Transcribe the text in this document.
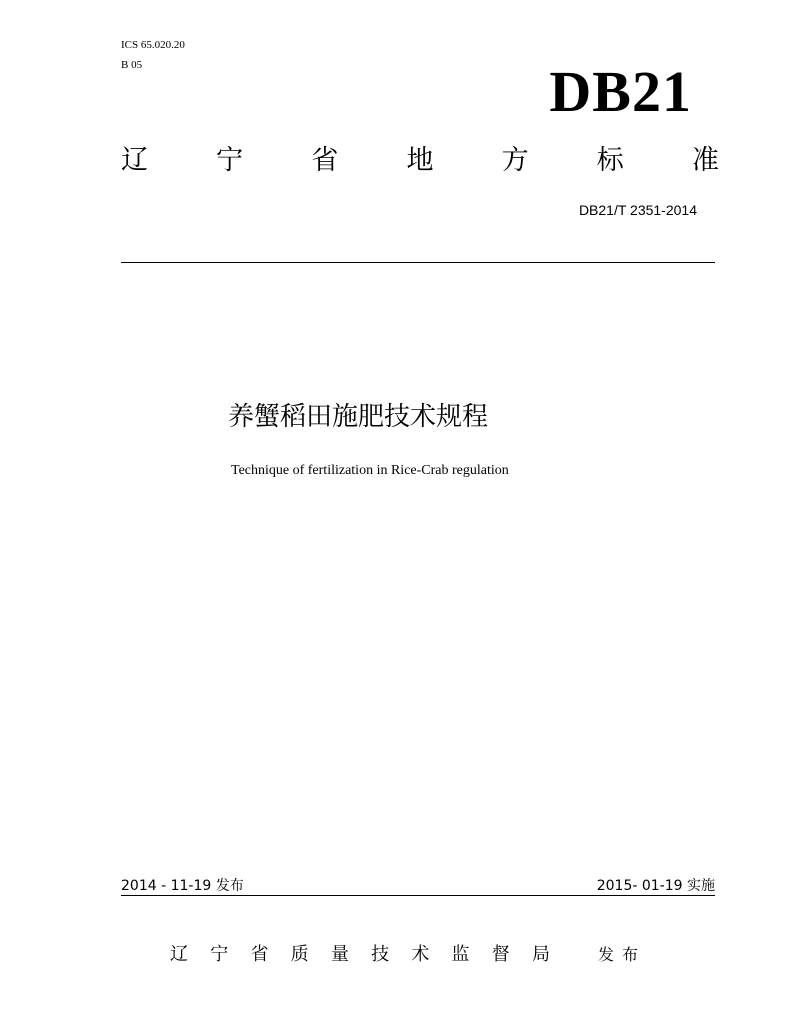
ICS 65.020.20
B 05	DB21
辽	宁	省	地	方	标	准
DB21/T 2351-2014
养蟹稻田施肥技术规程
Technique of fertilization in Rice-Crab regulation
2014 - 11-19 发布	2015- 01-19 实施
辽 宁 省 质 量 技 术 监 督 局	发布
